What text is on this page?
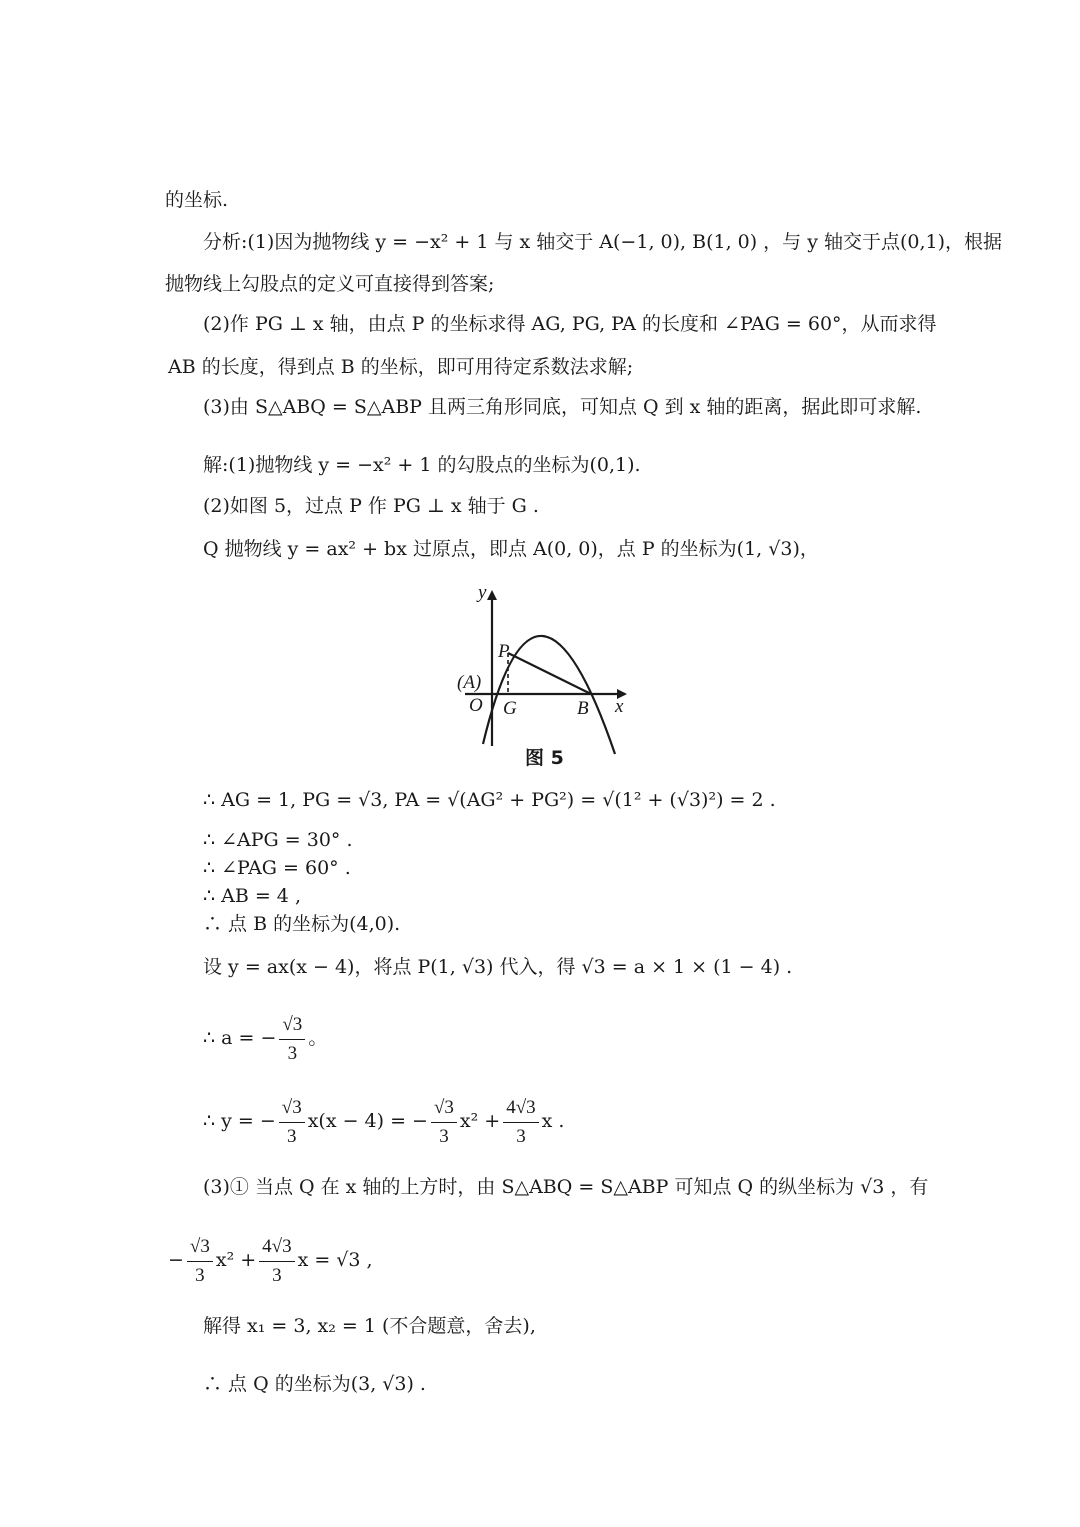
的坐标.
分析:(1)因为抛物线 y = −x² + 1 与 x 轴交于 A(−1, 0), B(1, 0) ，与 y 轴交于点(0,1)，根据
抛物线上勾股点的定义可直接得到答案;
(2)作 PG ⊥ x 轴，由点 P 的坐标求得 AG, PG, PA 的长度和 ∠PAG = 60°，从而求得
AB 的长度，得到点 B 的坐标，即可用待定系数法求解;
(3)由 S△ABQ = S△ABP 且两三角形同底，可知点 Q 到 x 轴的距离，据此即可求解.
解:(1)抛物线 y = −x² + 1 的勾股点的坐标为(0,1).
(2)如图 5，过点 P 作 PG ⊥ x 轴于 G .
Q 抛物线 y = ax² + bx 过原点，即点 A(0, 0)，点 P 的坐标为(1, √3)，
y
P
(A)
O G	B x
图 5
∴ AG = 1, PG = √3, PA = √(AG² + PG²) = √(1² + (√3)²) = 2 .
∴ ∠APG = 30° .
∴ ∠PAG = 60° .
∴ AB = 4 ,
∴ 点 B 的坐标为(4,0).
设 y = ax(x − 4)，将点 P(1, √3) 代入，得 √3 = a × 1 × (1 − 4) .
∴ a = − $\frac{√3}{3}$ 。
∴ y = − $\frac{√3}{3} x(x - 4)$ = − $\frac{√3}{3} x^2 + \frac{4√3}{3}$ x .
(3)① 当点 Q 在 x 轴的上方时，由 S△ABQ = S△ABP 可知点 Q 的纵坐标为 √3 ，有
− $\frac{√3}{3} x^2 + \frac{4√3}{3}$ x = √3 ,
解得 x₁ = 3, x₂ = 1 (不合题意，舍去),
∴ 点 Q 的坐标为(3, √3) .
